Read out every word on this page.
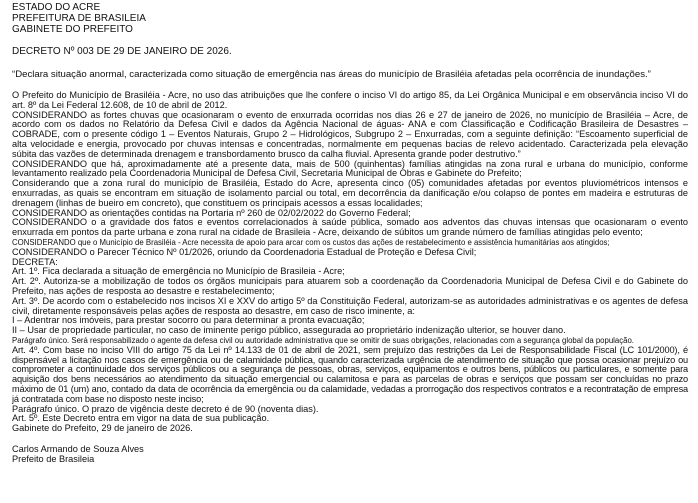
ESTADO DO ACRE
PREFEITURA DE BRASILEIA
GABINETE DO PREFEITO
DECRETO Nº 003 DE 29 DE JANEIRO DE 2026.
“Declara situação anormal, caracterizada como situação de emergência nas áreas do município de Brasiléia afetadas pela ocorrência de inundações.”

O Prefeito do Município de Brasiléia - Acre, no uso das atribuições que lhe confere o inciso VI do artigo 85, da Lei Orgânica Municipal e em observância inciso VI do art. 8º da Lei Federal 12.608, de 10 de abril de 2012.

CONSIDERANDO as fortes chuvas que ocasionaram o evento de enxurrada ocorridas nos dias 26 e 27 de janeiro de 2026, no município de Brasiléia – Acre, de acordo com os dados no Relatório da Defesa Civil e dados da Agência Nacional de águas- ANA e com Classificação e Codificação Brasileira de Desastres – COBRADE, com o presente código 1 – Eventos Naturais, Grupo 2 – Hidrológicos, Subgrupo 2 – Enxurradas, com a seguinte definição: “Escoamento superficial de alta velocidade e energia, provocado por chuvas intensas e concentradas, normalmente em pequenas bacias de relevo acidentado. Caracterizada pela elevação súbita das vazões de determinada drenagem e transbordamento brusco da calha fluvial. Apresenta grande poder destrutivo.”

CONSIDERANDO que há, aproximadamente até a presente data, mais de 500 (quinhentas) famílias atingidas na zona rural e urbana do município, conforme levantamento realizado pela Coordenadoria Municipal de Defesa Civil, Secretaria Municipal de Obras e Gabinete do Prefeito;

Considerando que a zona rural do município de Brasiléia, Estado do Acre, apresenta cinco (05) comunidades afetadas por eventos pluviométricos intensos e enxurradas, as quais se encontram em situação de isolamento parcial ou total, em decorrência da danificação e/ou colapso de pontes em madeira e estruturas de drenagem (linhas de bueiro em concreto), que constituem os principais acessos a essas localidades;

CONSIDERANDO as orientações contidas na Portaria nº 260 de 02/02/2022 do Governo Federal;

CONSIDERANDO o a gravidade dos fatos e eventos correlacionados à saúde pública, somado aos adventos das chuvas intensas que ocasionaram o evento enxurrada em pontos da parte urbana e zona rural na cidade de Brasileia - Acre, deixando de súbitos um grande número de famílias atingidas pelo evento;

CONSIDERANDO que o Município de Brasiléia - Acre necessita de apoio para arcar com os custos das ações de restabelecimento e assistência humanitárias aos atingidos;

CONSIDERANDO o Parecer Técnico Nº 01/2026, oriundo da Coordenadoria Estadual de Proteção e Defesa Civil;

DECRETA:

Art. 1º. Fica declarada a situação de emergência no Município de Brasileia - Acre;

Art. 2º. Autoriza-se a mobilização de todos os órgãos municipais para atuarem sob a coordenação da Coordenadoria Municipal de Defesa Civil e do Gabinete do Prefeito, nas ações de resposta ao desastre e restabelecimento;

Art. 3º. De acordo com o estabelecido nos incisos XI e XXV do artigo 5º da Constituição Federal, autorizam-se as autoridades administrativas e os agentes de defesa civil, diretamente responsáveis pelas ações de resposta ao desastre, em caso de risco iminente, a:

I – Adentrar nos imóveis, para prestar socorro ou para determinar a pronta evacuação;

II – Usar de propriedade particular, no caso de iminente perigo público, assegurada ao proprietário indenização ulterior, se houver dano.

Parágrafo único. Será responsabilizado o agente da defesa civil ou autoridade administrativa que se omitir de suas obrigações, relacionadas com a segurança global da população.

Art. 4º. Com base no inciso VIII do artigo 75 da Lei nº 14.133 de 01 de abril de 2021, sem prejuízo das restrições da Lei de Responsabilidade Fiscal (LC 101/2000), é dispensável a licitação nos casos de emergência ou de calamidade pública, quando caracterizada urgência de atendimento de situação que possa ocasionar prejuízo ou comprometer a continuidade dos serviços públicos ou a segurança de pessoas, obras, serviços, equipamentos e outros bens, públicos ou particulares, e somente para aquisição dos bens necessários ao atendimento da situação emergencial ou calamitosa e para as parcelas de obras e serviços que possam ser concluídas no prazo máximo de 01 (um) ano, contado da data de ocorrência da emergência ou da calamidade, vedadas a prorrogação dos respectivos contratos e a recontratação de empresa já contratada com base no disposto neste inciso;

Parágrafo único. O prazo de vigência deste decreto é de 90 (noventa dias).

Art. 5º. Este Decreto entra em vigor na data de sua publicação.

Gabinete do Prefeito, 29 de janeiro de 2026.

Carlos Armando de Souza Alves
Prefeito de Brasileia
